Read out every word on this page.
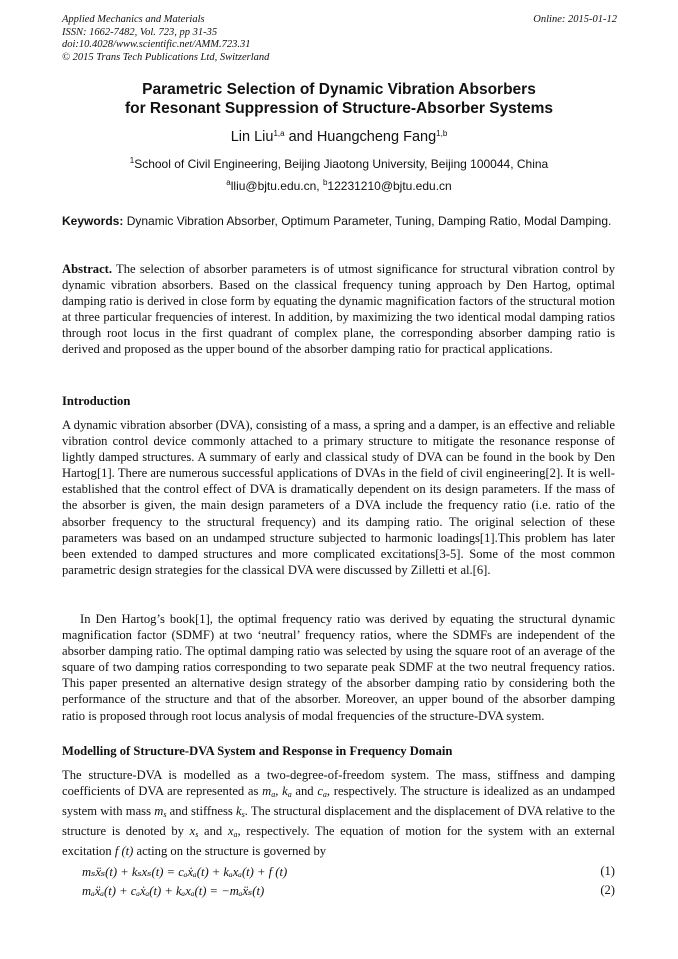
Applied Mechanics and Materials
ISSN: 1662-7482, Vol. 723, pp 31-35
doi:10.4028/www.scientific.net/AMM.723.31
© 2015 Trans Tech Publications Ltd, Switzerland
Online: 2015-01-12
Parametric Selection of Dynamic Vibration Absorbers
for Resonant Suppression of Structure-Absorber Systems
Lin Liu$^{1,a}$ and Huangcheng Fang$^{1,b}$
$^1$School of Civil Engineering, Beijing Jiaotong University, Beijing 100044, China
$^a$lliu@bjtu.edu.cn, $^b$12231210@bjtu.edu.cn
Keywords: Dynamic Vibration Absorber, Optimum Parameter, Tuning, Damping Ratio, Modal Damping.
Abstract. The selection of absorber parameters is of utmost significance for structural vibration control by dynamic vibration absorbers. Based on the classical frequency tuning approach by Den Hartog, optimal damping ratio is derived in close form by equating the dynamic magnification factors of the structural motion at three particular frequencies of interest. In addition, by maximizing the two identical modal damping ratios through root locus in the first quadrant of complex plane, the corresponding absorber damping ratio is derived and proposed as the upper bound of the absorber damping ratio for practical applications.
Introduction
A dynamic vibration absorber (DVA), consisting of a mass, a spring and a damper, is an effective and reliable vibration control device commonly attached to a primary structure to mitigate the resonance response of lightly damped structures. A summary of early and classical study of DVA can be found in the book by Den Hartog[1]. There are numerous successful applications of DVAs in the field of civil engineering[2]. It is well-established that the control effect of DVA is dramatically dependent on its design parameters. If the mass of the absorber is given, the main design parameters of a DVA include the frequency ratio (i.e. ratio of the absorber frequency to the structural frequency) and its damping ratio. The original selection of these parameters was based on an undamped structure subjected to harmonic loadings[1].This problem has later been extended to damped structures and more complicated excitations[3-5]. Some of the most common parametric design strategies for the classical DVA were discussed by Zilletti et al.[6].
In Den Hartog’s book[1], the optimal frequency ratio was derived by equating the structural dynamic magnification factor (SDMF) at two ‘neutral’ frequency ratios, where the SDMFs are independent of the absorber damping ratio. The optimal damping ratio was selected by using the square root of an average of the square of two damping ratios corresponding to two separate peak SDMF at the two neutral frequency ratios. This paper presented an alternative design strategy of the absorber damping ratio by considering both the performance of the structure and that of the absorber. Moreover, an upper bound of the absorber damping ratio is proposed through root locus analysis of modal frequencies of the structure-DVA system.
Modelling of Structure-DVA System and Response in Frequency Domain
The structure-DVA is modelled as a two-degree-of-freedom system. The mass, stiffness and damping coefficients of DVA are represented as $m_a$, $k_a$ and $c_a$, respectively. The structure is idealized as an undamped system with mass $m_s$ and stiffness $k_s$. The structural displacement and the displacement of DVA relative to the structure is denoted by $x_s$ and $x_a$, respectively. The equation of motion for the system with an external excitation f (t) acting on the structure is governed by
mₛẍₛ(t) + kₛxₛ(t) = cₐẋₐ(t) + kₐxₐ(t) + f (t)	(1)
mₐẍₐ(t) + cₐẋₐ(t) + kₐxₐ(t) = −mₐẍₛ(t)	(2)
